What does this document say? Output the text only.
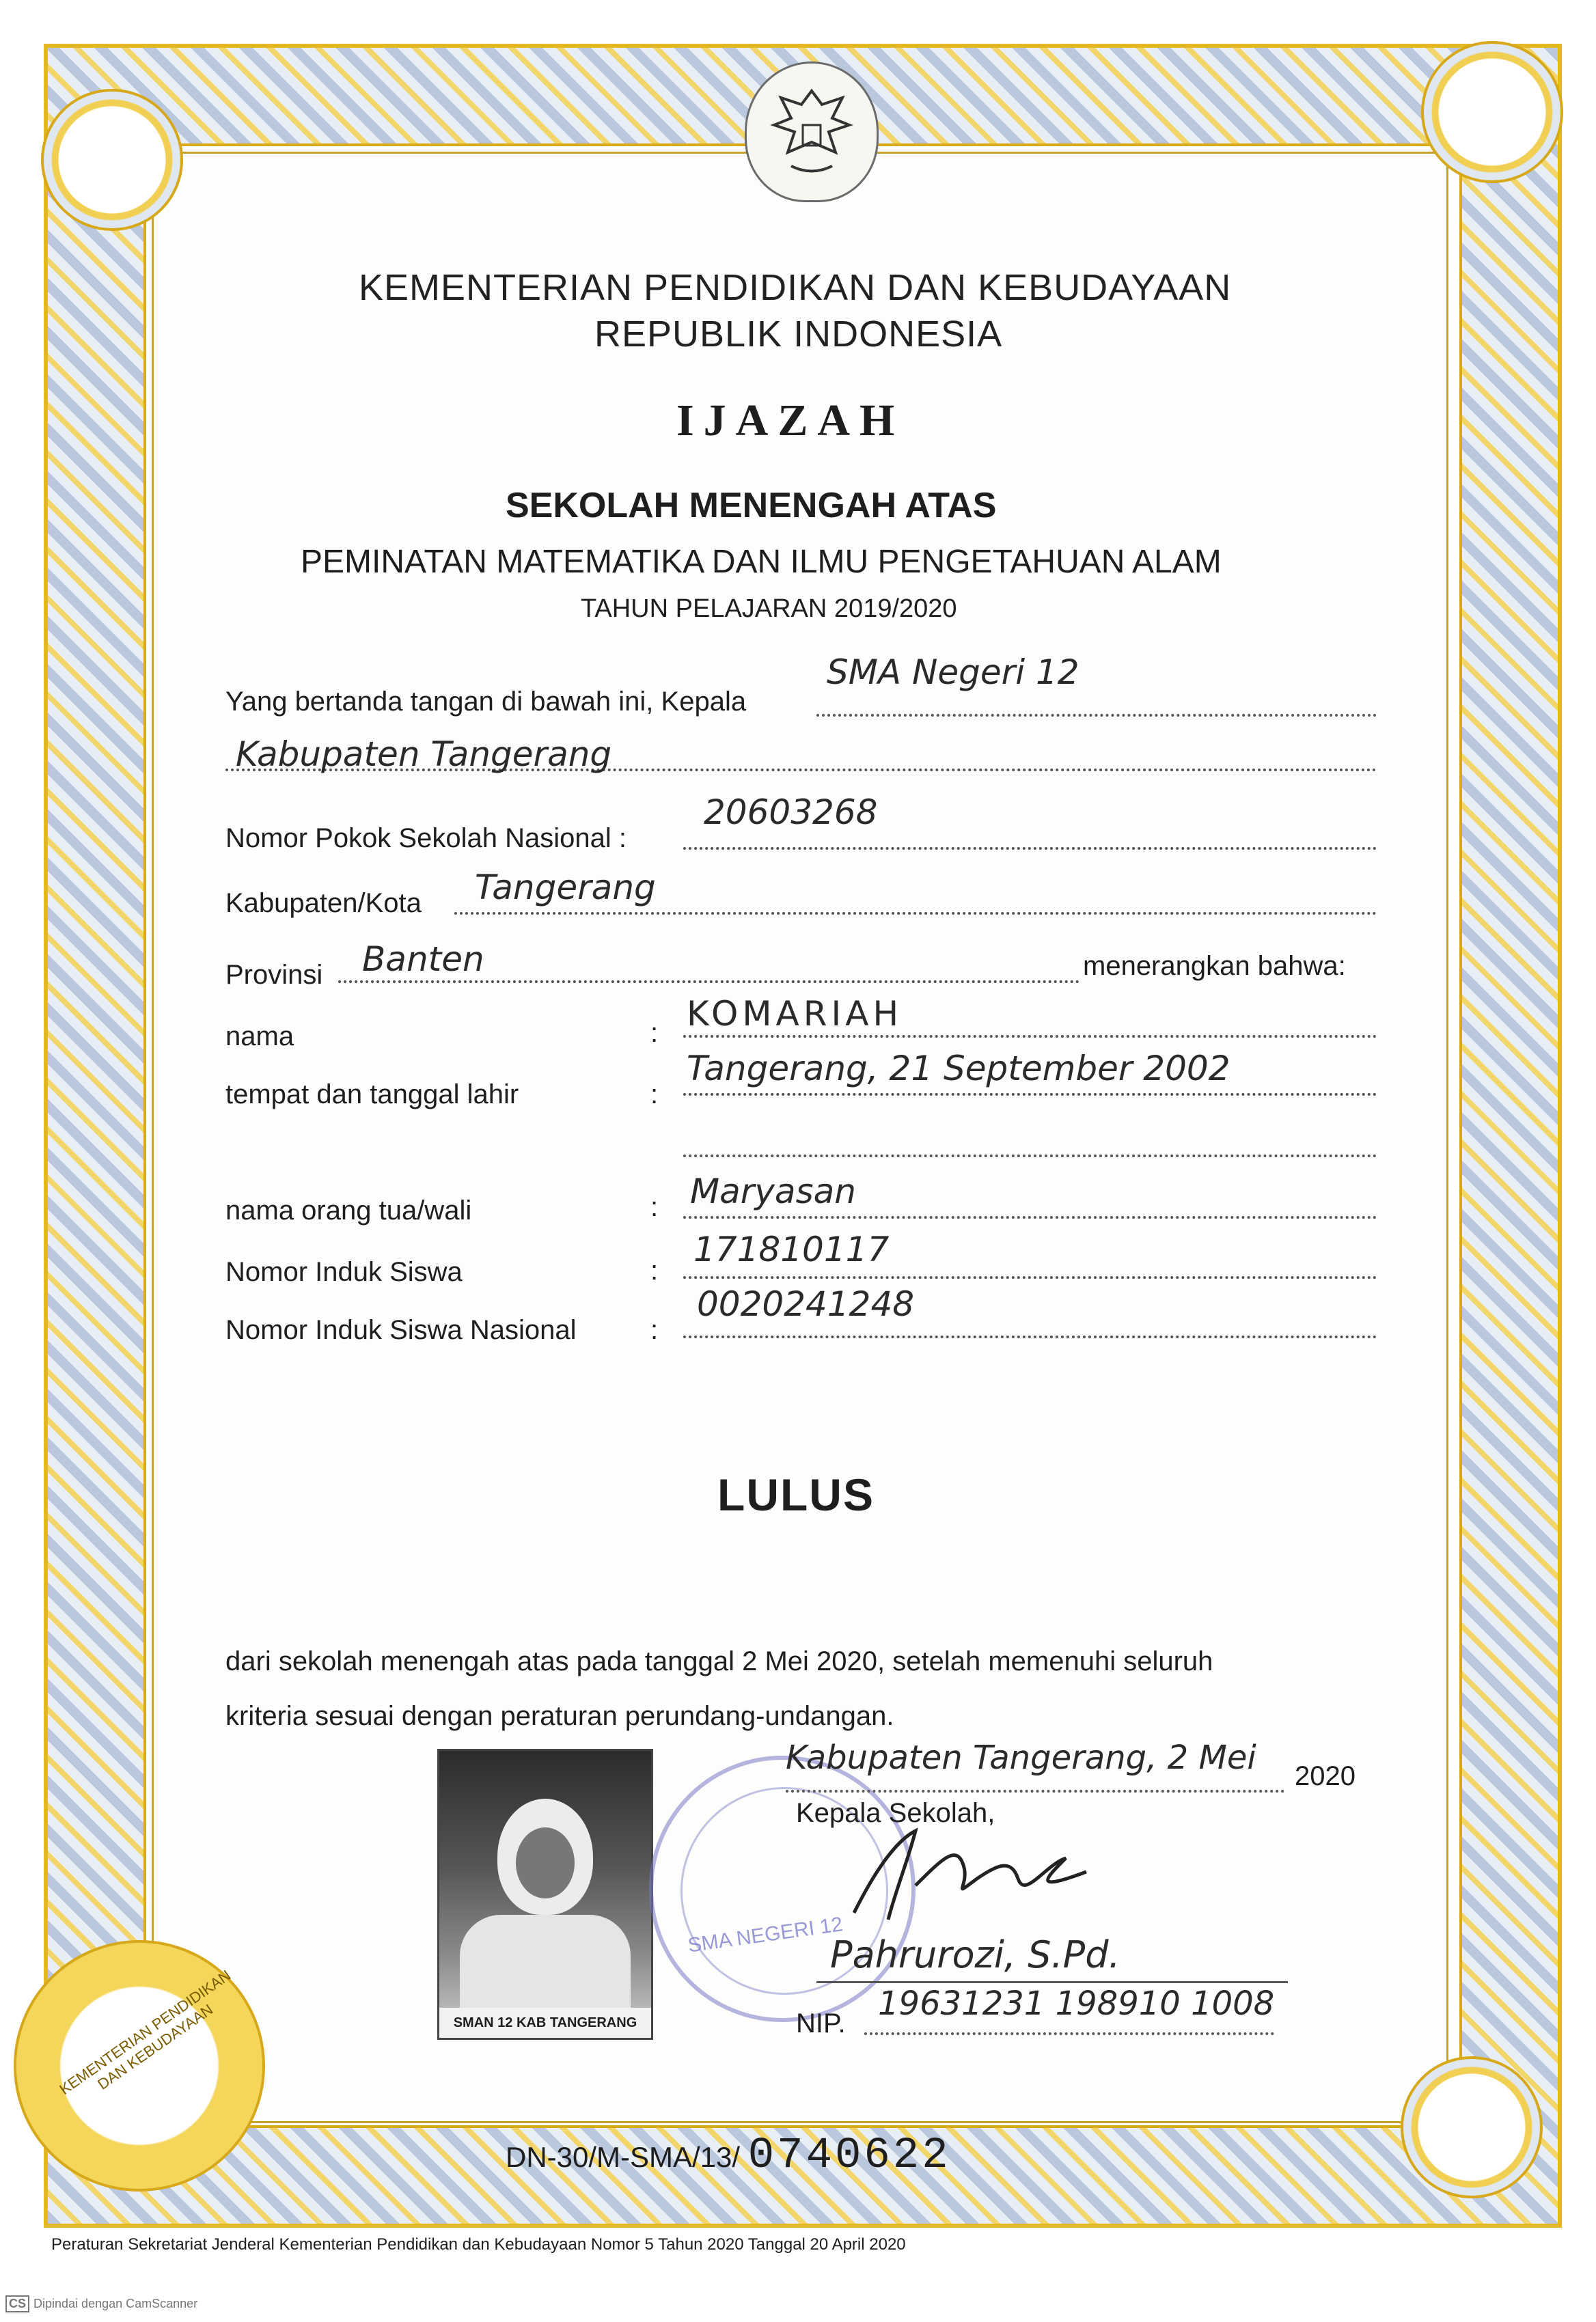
KEMENTERIAN PENDIDIKAN DAN KEBUDAYAAN
KEMENTERIAN PENDIDIKAN DAN KEBUDAYAAN
REPUBLIK INDONESIA
IJAZAH
SEKOLAH MENENGAH ATAS
PEMINATAN MATEMATIKA DAN ILMU PENGETAHUAN ALAM
TAHUN PELAJARAN 2019/2020
Yang bertanda tangan di bawah ini, Kepala
SMA Negeri 12
Kabupaten Tangerang
Nomor Pokok Sekolah Nasional :
20603268
Kabupaten/Kota Tangerang
Provinsi Banten	menerangkan bahwa:
nama	: KOMARIAH
tempat dan tanggal lahir	:
Tangerang, 21 September 2002
nama orang tua/wali	: Maryasan
Nomor Induk Siswa	:
171810117
Nomor Induk Siswa Nasional	:
0020241248
LULUS
dari sekolah menengah atas pada tanggal 2 Mei 2020, setelah memenuhi seluruh
kriteria sesuai dengan peraturan perundang-undangan.
SMAN 12 KAB TANGERANG
SMA NEGERI 12
Kabupaten Tangerang, 2 Mei 2020
Kepala Sekolah,
Pahrurozi, S.Pd.
NIP.
19631231 198910 1008
DN-30/M-SMA/13/ 0740622
Peraturan Sekretariat Jenderal Kementerian Pendidikan dan Kebudayaan Nomor 5 Tahun 2020 Tanggal 20 April 2020
CS Dipindai dengan CamScanner
